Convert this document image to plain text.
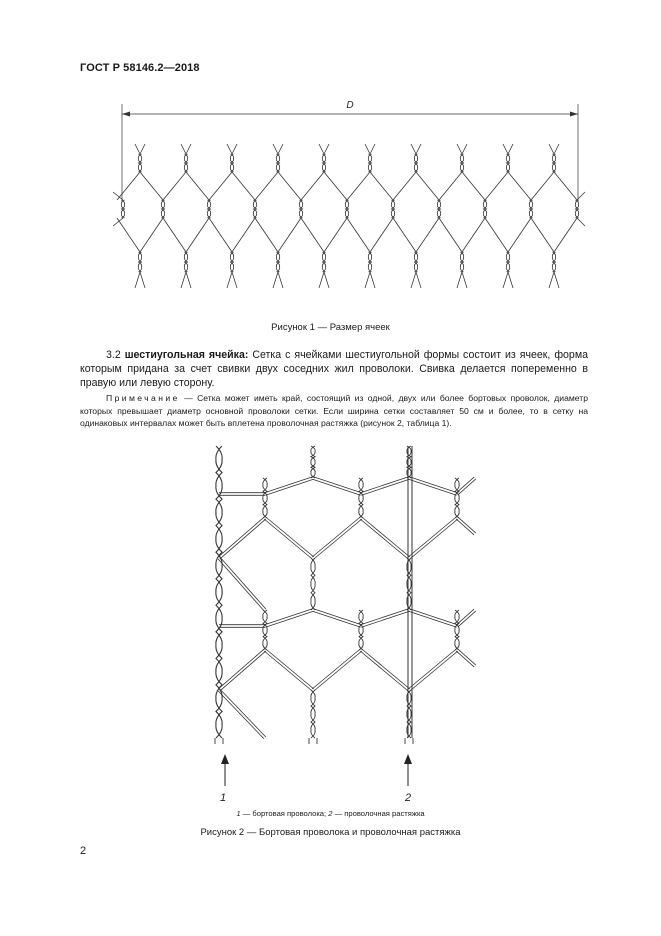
ГОСТ Р 58146.2—2018
D
Рисунок 1 — Размер ячеек
3.2 шестиугольная ячейка: Сетка с ячейками шестиугольной формы состоит из ячеек, форма которым придана за счет свивки двух соседних жил проволоки. Свивка делается попеременно в правую или левую сторону.
Примечание — Сетка может иметь край, состоящий из одной, двух или более бортовых проволок, диаметр которых превышает диаметр основной проволоки сетки. Если ширина сетки составляет 50 см и более, то в сетку на одинаковых интервалах может быть вплетена проволочная растяжка (рисунок 2, таблица 1).
1	2
1 — бортовая проволока; 2 — проволочная растяжка
Рисунок 2 — Бортовая проволока и проволочная растяжка
2
